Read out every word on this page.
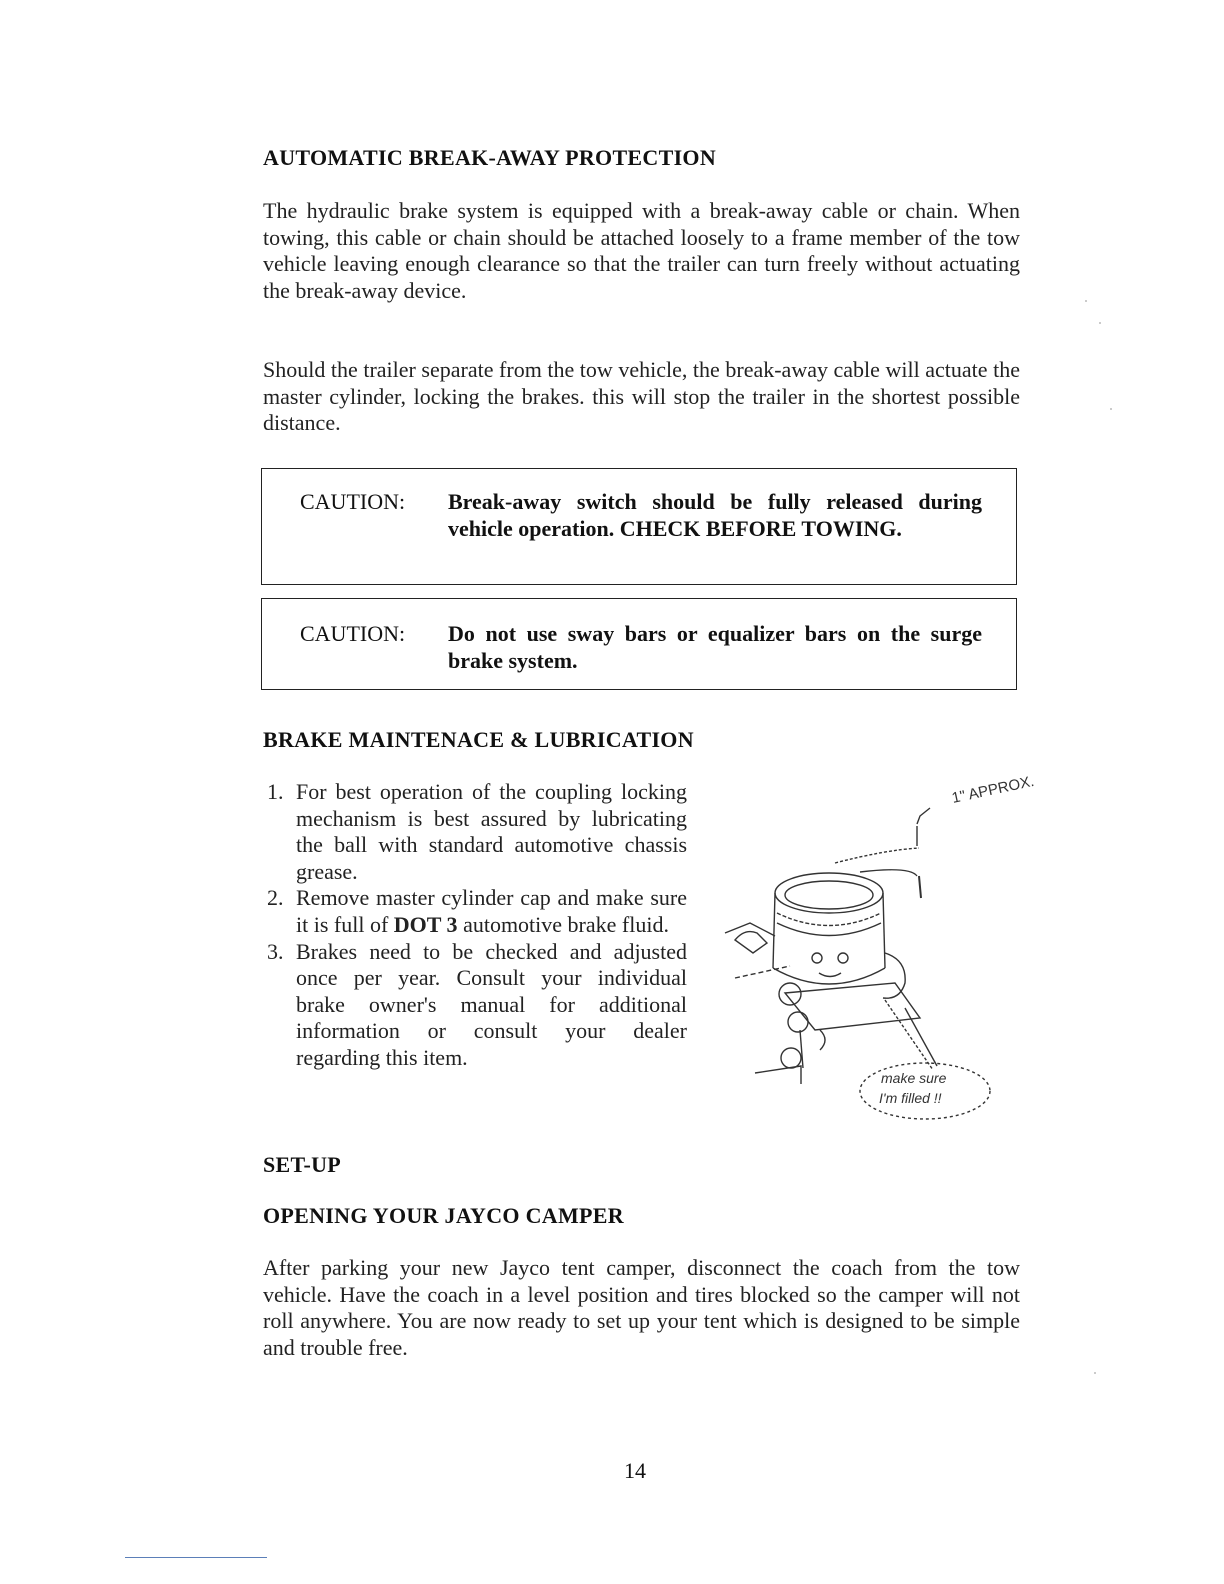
AUTOMATIC BREAK-AWAY PROTECTION

The hydraulic brake system is equipped with a break-away cable or chain. When towing, this cable or chain should be attached loosely to a frame member of the tow vehicle leaving enough clearance so that the trailer can turn freely without actuating the break-away device.

Should the trailer separate from the tow vehicle, the break-away cable will actuate the master cylinder, locking the brakes. this will stop the trailer in the shortest possible distance.

CAUTION: Break-away switch should be fully released during vehicle operation. CHECK BEFORE TOWING.
CAUTION: Do not use sway bars or equalizer bars on the surge brake system.
BRAKE MAINTENACE & LUBRICATION
1. For best operation of the coupling locking mechanism is best assured by lubricating the ball with standard automotive chassis grease.
2. Remove master cylinder cap and make sure it is full of DOT 3 automotive brake fluid.
3. Brakes need to be checked and adjusted once per year. Consult your individual brake owner's manual for additional information or consult your dealer regarding this item.
1" APPROX.
make sure
I'm filled !!
SET-UP
OPENING YOUR JAYCO CAMPER

After parking your new Jayco tent camper, disconnect the coach from the tow vehicle. Have the coach in a level position and tires blocked so the camper will not roll anywhere. You are now ready to set up your tent which is designed to be simple and trouble free.

14
